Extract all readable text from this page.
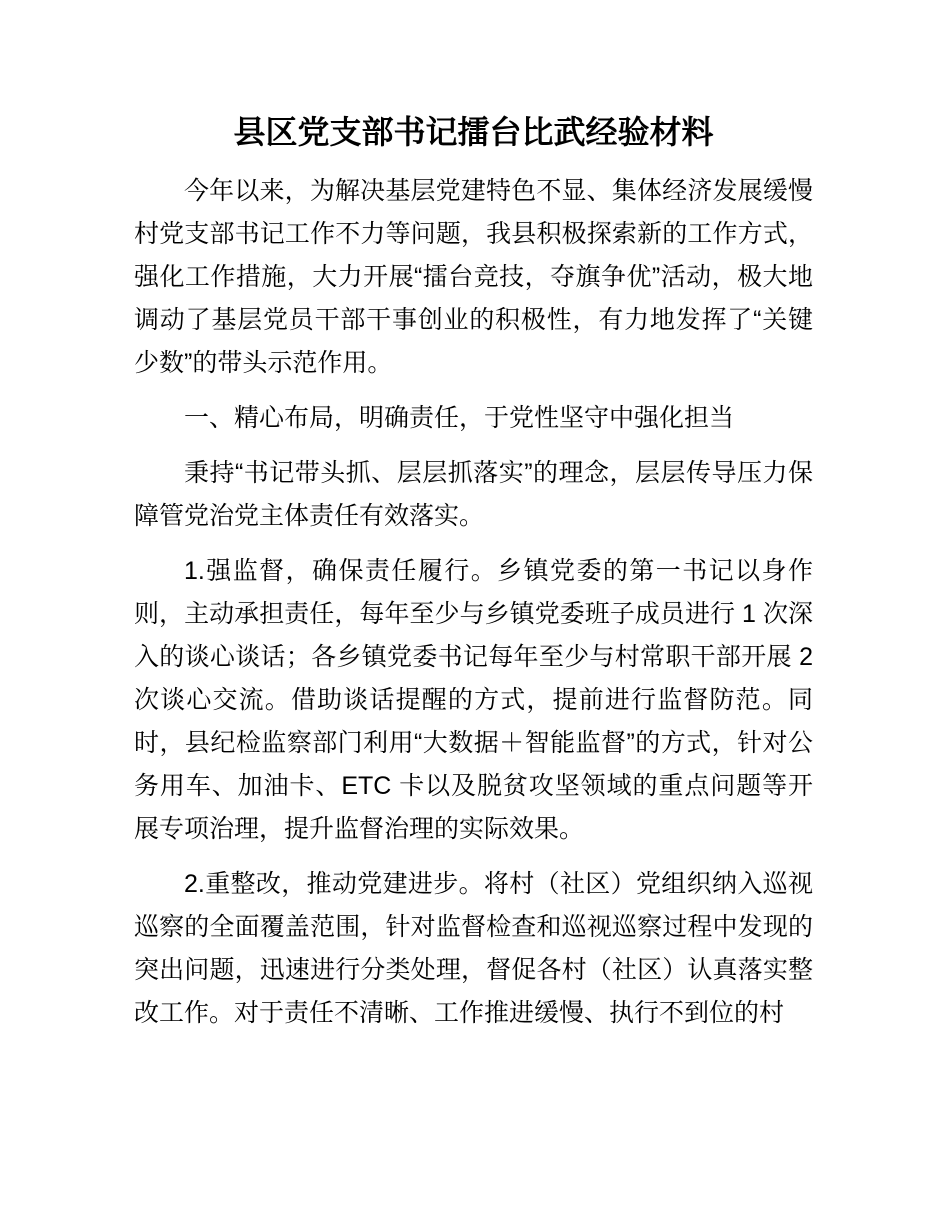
县区党支部书记擂台比武经验材料

今年以来，为解决基层党建特色不显、集体经济发展缓慢村党支部书记工作不力等问题，我县积极探索新的工作方式，强化工作措施，大力开展“擂台竞技，夺旗争优”活动，极大地调动了基层党员干部干事创业的积极性，有力地发挥了“关键少数”的带头示范作用。

一、精心布局，明确责任，于党性坚守中强化担当

秉持“书记带头抓、层层抓落实”的理念，层层传导压力保障管党治党主体责任有效落实。

1.强监督，确保责任履行。乡镇党委的第一书记以身作则，主动承担责任，每年至少与乡镇党委班子成员进行 1 次深入的谈心谈话；各乡镇党委书记每年至少与村常职干部开展 2 次谈心交流。借助谈话提醒的方式，提前进行监督防范。同时，县纪检监察部门利用“大数据＋智能监督”的方式，针对公务用车、加油卡、ETC 卡以及脱贫攻坚领域的重点问题等开展专项治理，提升监督治理的实际效果。

2.重整改，推动党建进步。将村（社区）党组织纳入巡视巡察的全面覆盖范围，针对监督检查和巡视巡察过程中发现的突出问题，迅速进行分类处理，督促各村（社区）认真落实整改工作。对于责任不清晰、工作推进缓慢、执行不到位的村
